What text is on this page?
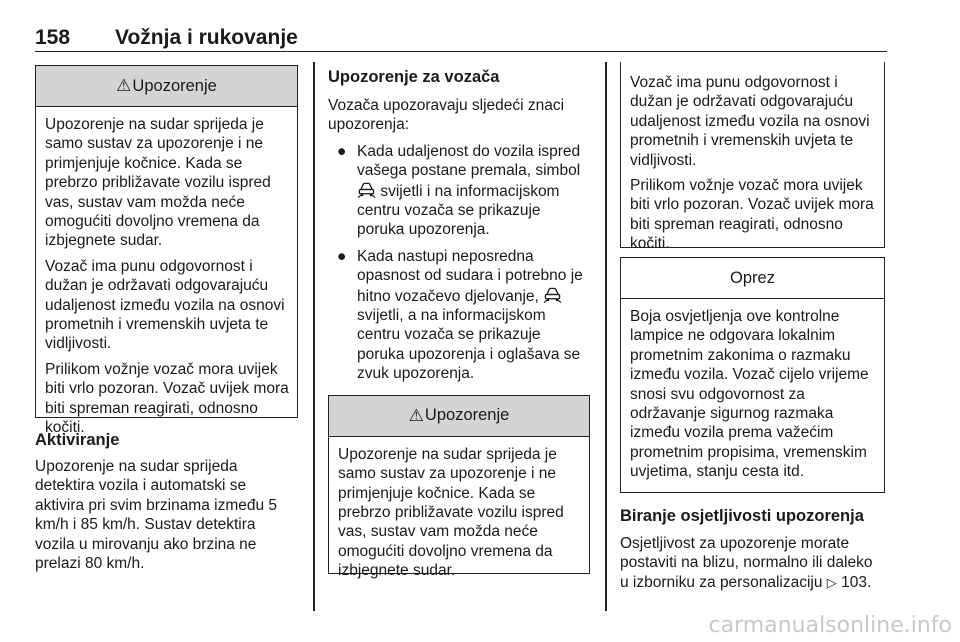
158 Vožnja i rukovanje
⚠ Upozorenje

Upozorenje na sudar sprijeda je samo sustav za upozorenje i ne primjenjuje kočnice. Kada se prebrzo približavate vozilu ispred vas, sustav vam možda neće omogućiti dovoljno vremena da izbjegnete sudar.

Vozač ima punu odgovornost i dužan je održavati odgovarajuću udaljenost između vozila na osnovi prometnih i vremenskih uvjeta te vidljivosti.

Prilikom vožnje vozač mora uvijek biti vrlo pozoran. Vozač uvijek mora biti spreman reagirati, odnosno kočiti.

Aktiviranje

Upozorenje na sudar sprijeda detektira vozila i automatski se aktivira pri svim brzinama između 5 km/h i 85 km/h. Sustav detektira vozila u mirovanju ako brzina ne prelazi 80 km/h.

Upozorenje za vozača

Vozača upozoravaju sljedeći znaci upozorenja:

● Kada udaljenost do vozila ispred vašega postane premala, simbol  svijetli i na informacijskom centru vozača se prikazuje poruka upozorenja.
● Kada nastupi neposredna opasnost od sudara i potrebno je hitno vozačevo djelovanje,  svijetli, a na informacijskom centru vozača se prikazuje poruka upozorenja i oglašava se zvuk upozorenja.
⚠ Upozorenje

Upozorenje na sudar sprijeda je samo sustav za upozorenje i ne primjenjuje kočnice. Kada se prebrzo približavate vozilu ispred vas, sustav vam možda neće omogućiti dovoljno vremena da izbjegnete sudar.

Vozač ima punu odgovornost i dužan je održavati odgovarajuću udaljenost između vozila na osnovi prometnih i vremenskih uvjeta te vidljivosti.

Prilikom vožnje vozač mora uvijek biti vrlo pozoran. Vozač uvijek mora biti spreman reagirati, odnosno kočiti.

Oprez

Boja osvjetljenja ove kontrolne lampice ne odgovara lokalnim prometnim zakonima o razmaku između vozila. Vozač cijelo vrijeme snosi svu odgovornost za održavanje sigurnog razmaka između vozila prema važećim prometnim propisima, vremenskim uvjetima, stanju cesta itd.

Biranje osjetljivosti upozorenja

Osjetljivost za upozorenje morate postaviti na blizu, normalno ili daleko u izborniku za personalizaciju ▷ 103.

carmanualsonline.info
